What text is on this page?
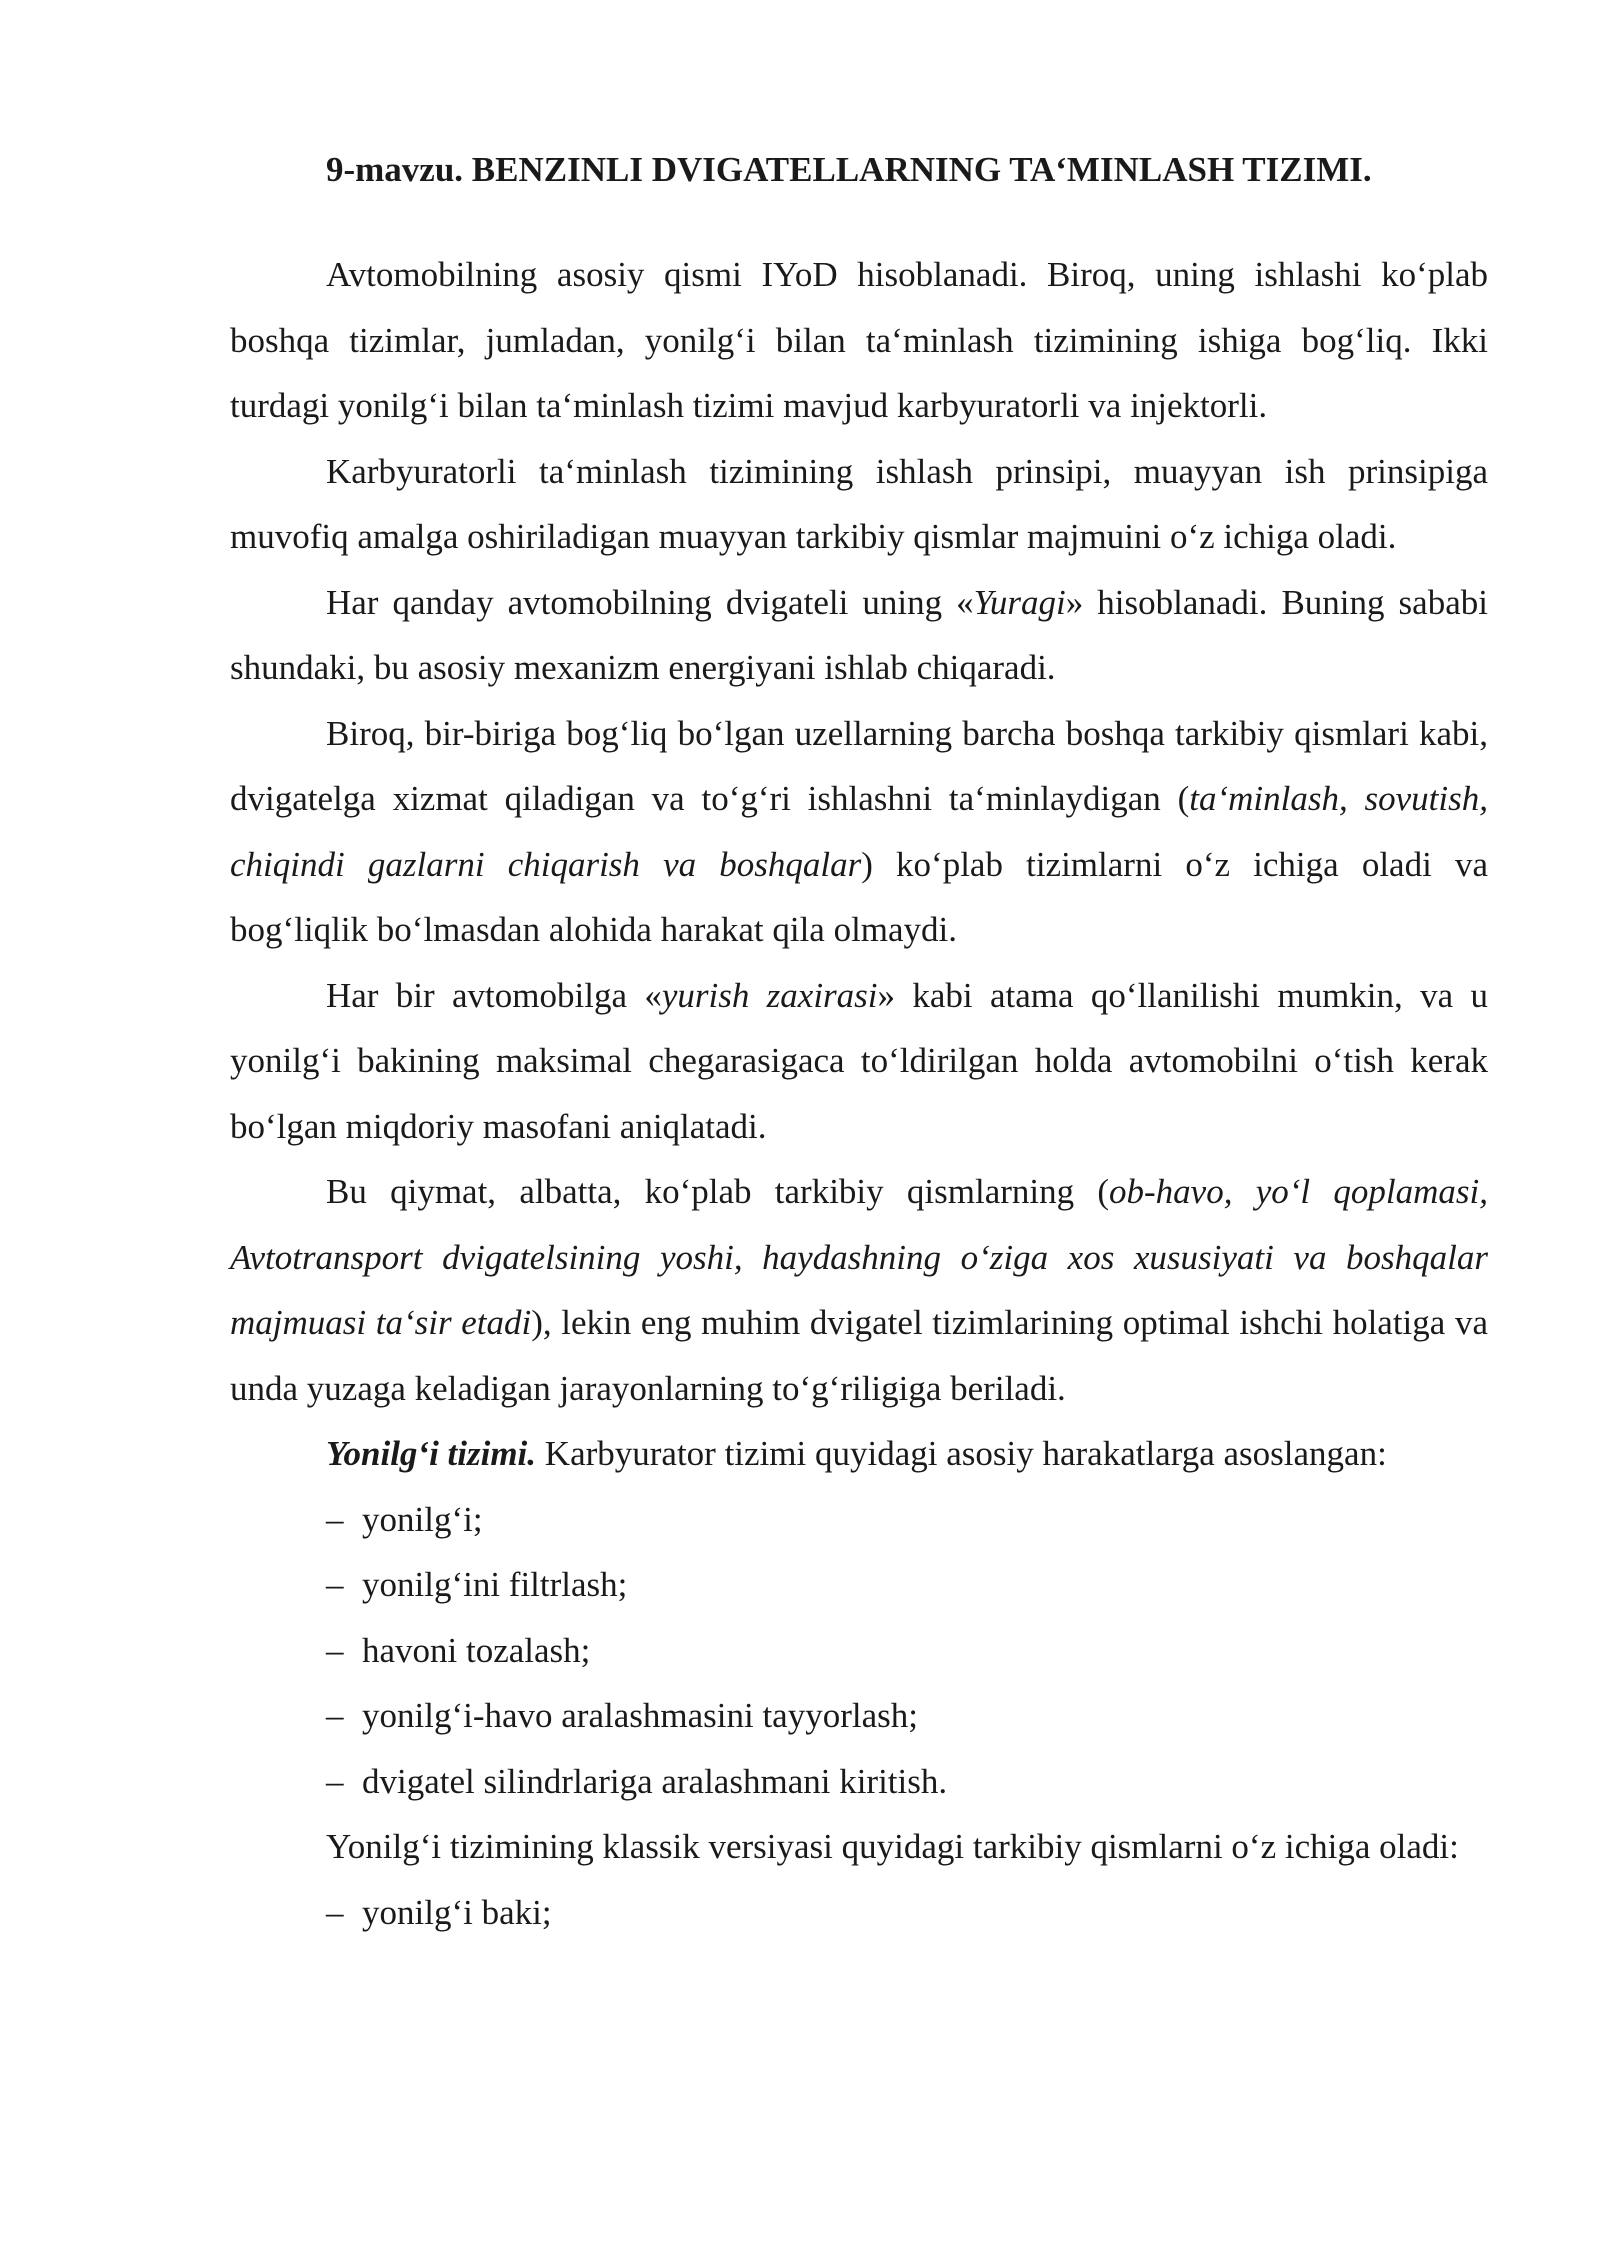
9-mavzu. BENZINLI DVIGATELLARNING TA‘MINLASH TIZIMI.

Avtomobilning asosiy qismi IYoD hisoblanadi. Biroq, uning ishlashi ko‘plab boshqa tizimlar, jumladan, yonilg‘i bilan ta‘minlash tizimining ishiga bog‘liq. Ikki turdagi yonilg‘i bilan ta‘minlash tizimi mavjud karbyuratorli va injektorli.

Karbyuratorli ta‘minlash tizimining ishlash prinsipi, muayyan ish prinsipiga muvofiq amalga oshiriladigan muayyan tarkibiy qismlar majmuini o‘z ichiga oladi.

Har qanday avtomobilning dvigateli uning «Yuragi» hisoblanadi. Buning sababi shundaki, bu asosiy mexanizm energiyani ishlab chiqaradi.

Biroq, bir-biriga bog‘liq bo‘lgan uzellarning barcha boshqa tarkibiy qismlari kabi, dvigatelga xizmat qiladigan va to‘g‘ri ishlashni ta‘minlaydigan (ta‘minlash, sovutish, chiqindi gazlarni chiqarish va boshqalar) ko‘plab tizimlarni o‘z ichiga oladi va bog‘liqlik bo‘lmasdan alohida harakat qila olmaydi.

Har bir avtomobilga «yurish zaxirasi» kabi atama qo‘llanilishi mumkin, va u yonilg‘i bakining maksimal chegarasigaca to‘ldirilgan holda avtomobilni o‘tish kerak bo‘lgan miqdoriy masofani aniqlatadi.

Bu qiymat, albatta, ko‘plab tarkibiy qismlarning (ob-havo, yo‘l qoplamasi, Avtotransport dvigatelsining yoshi, haydashning o‘ziga xos xususiyati va boshqalar majmuasi ta‘sir etadi), lekin eng muhim dvigatel tizimlarining optimal ishchi holatiga va unda yuzaga keladigan jarayonlarning to‘g‘riligiga beriladi.

Yonilg‘i tizimi. Karbyurator tizimi quyidagi asosiy harakatlarga asoslangan:

– yonilg‘i;

– yonilg‘ini filtrlash;

– havoni tozalash;

– yonilg‘i-havo aralashmasini tayyorlash;

– dvigatel silindrlariga aralashmani kiritish.

Yonilg‘i tizimining klassik versiyasi quyidagi tarkibiy qismlarni o‘z ichiga oladi:

– yonilg‘i baki;
